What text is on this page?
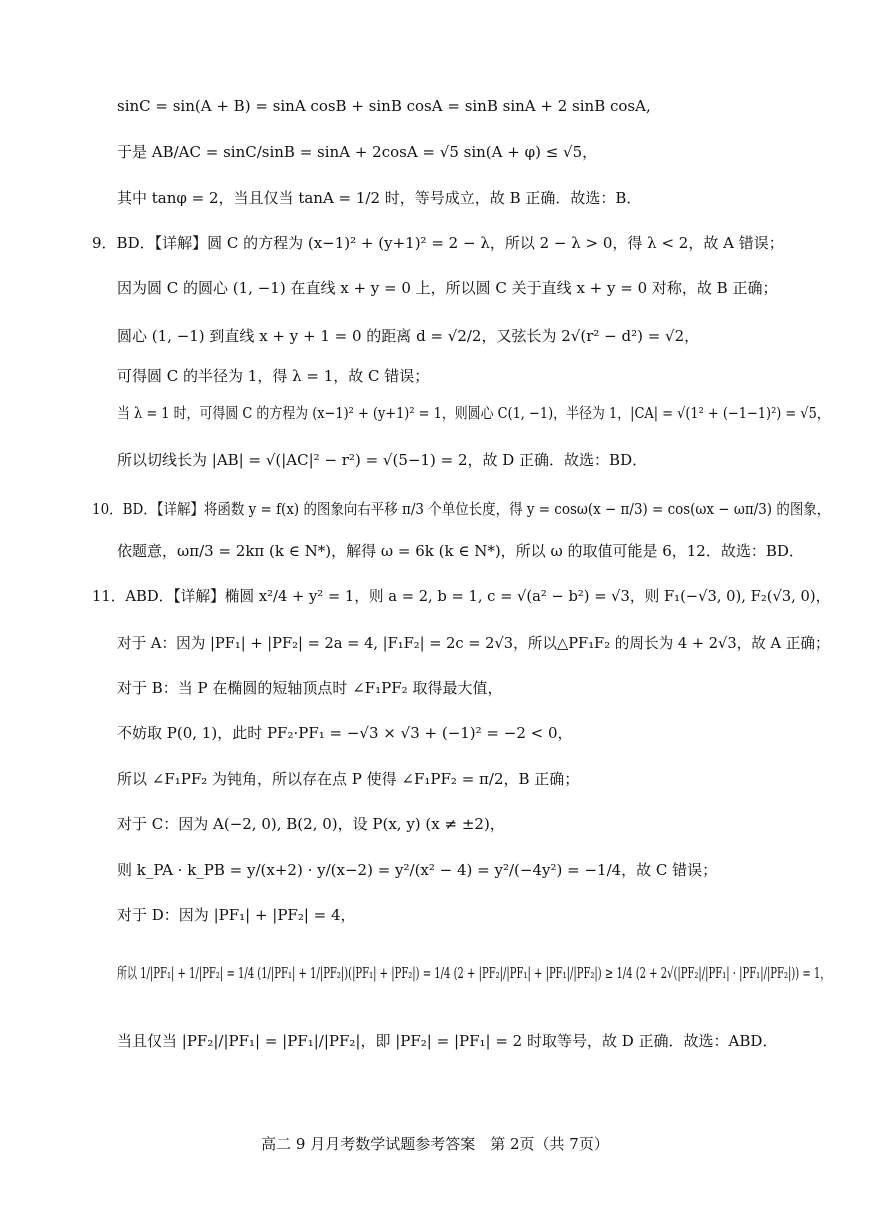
sinC = sin(A + B) = sinA cosB + sinB cosA = sinB sinA + 2 sinB cosA,
于是 AB/AC = sinC/sinB = sinA + 2cosA = √5 sin(A + φ) ≤ √5，
其中 tanφ = 2，当且仅当 tanA = 1/2 时，等号成立，故 B 正确．故选：B．
9．BD．【详解】圆 C 的方程为 (x−1)² + (y+1)² = 2 − λ，所以 2 − λ > 0，得 λ < 2，故 A 错误；
因为圆 C 的圆心 (1, −1) 在直线 x + y = 0 上，所以圆 C 关于直线 x + y = 0 对称，故 B 正确；
圆心 (1, −1) 到直线 x + y + 1 = 0 的距离 d = √2/2，又弦长为 2√(r² − d²) = √2，
可得圆 C 的半径为 1，得 λ = 1，故 C 错误；
当 λ = 1 时，可得圆 C 的方程为 (x−1)² + (y+1)² = 1，则圆心 C(1, −1)，半径为 1，|CA| = √(1² + (−1−1)²) = √5，
所以切线长为 |AB| = √(|AC|² − r²) = √(5−1) = 2，故 D 正确．故选：BD．
10．BD．【详解】将函数 y = f(x) 的图象向右平移 π/3 个单位长度，得 y = cosω(x − π/3) = cos(ωx − ωπ/3) 的图象，
依题意，ωπ/3 = 2kπ (k ∈ N*)，解得 ω = 6k (k ∈ N*)，所以 ω 的取值可能是 6，12．故选：BD．
11．ABD．【详解】椭圆 x²/4 + y² = 1，则 a = 2, b = 1, c = √(a² − b²) = √3，则 F₁(−√3, 0), F₂(√3, 0)，
对于 A：因为 |PF₁| + |PF₂| = 2a = 4, |F₁F₂| = 2c = 2√3，所以△PF₁F₂ 的周长为 4 + 2√3，故 A 正确；
对于 B：当 P 在椭圆的短轴顶点时 ∠F₁PF₂ 取得最大值，
不妨取 P(0, 1)，此时 PF₂·PF₁ = −√3 × √3 + (−1)² = −2 < 0，
所以 ∠F₁PF₂ 为钝角，所以存在点 P 使得 ∠F₁PF₂ = π/2，B 正确；
对于 C：因为 A(−2, 0), B(2, 0)，设 P(x, y) (x ≠ ±2)，
则 k_PA · k_PB = y/(x+2) · y/(x−2) = y²/(x² − 4) = y²/(−4y²) = −1/4，故 C 错误；
对于 D：因为 |PF₁| + |PF₂| = 4，
所以 1/|PF₁| + 1/|PF₂| = 1/4 (1/|PF₁| + 1/|PF₂|)(|PF₁| + |PF₂|) = 1/4 (2 + |PF₂|/|PF₁| + |PF₁|/|PF₂|) ≥ 1/4 (2 + 2√(|PF₂|/|PF₁| · |PF₁|/|PF₂|)) = 1，
当且仅当 |PF₂|/|PF₁| = |PF₁|/|PF₂|，即 |PF₂| = |PF₁| = 2 时取等号，故 D 正确．故选：ABD．
高二 9 月月考数学试题参考答案　第 2页（共 7页）
